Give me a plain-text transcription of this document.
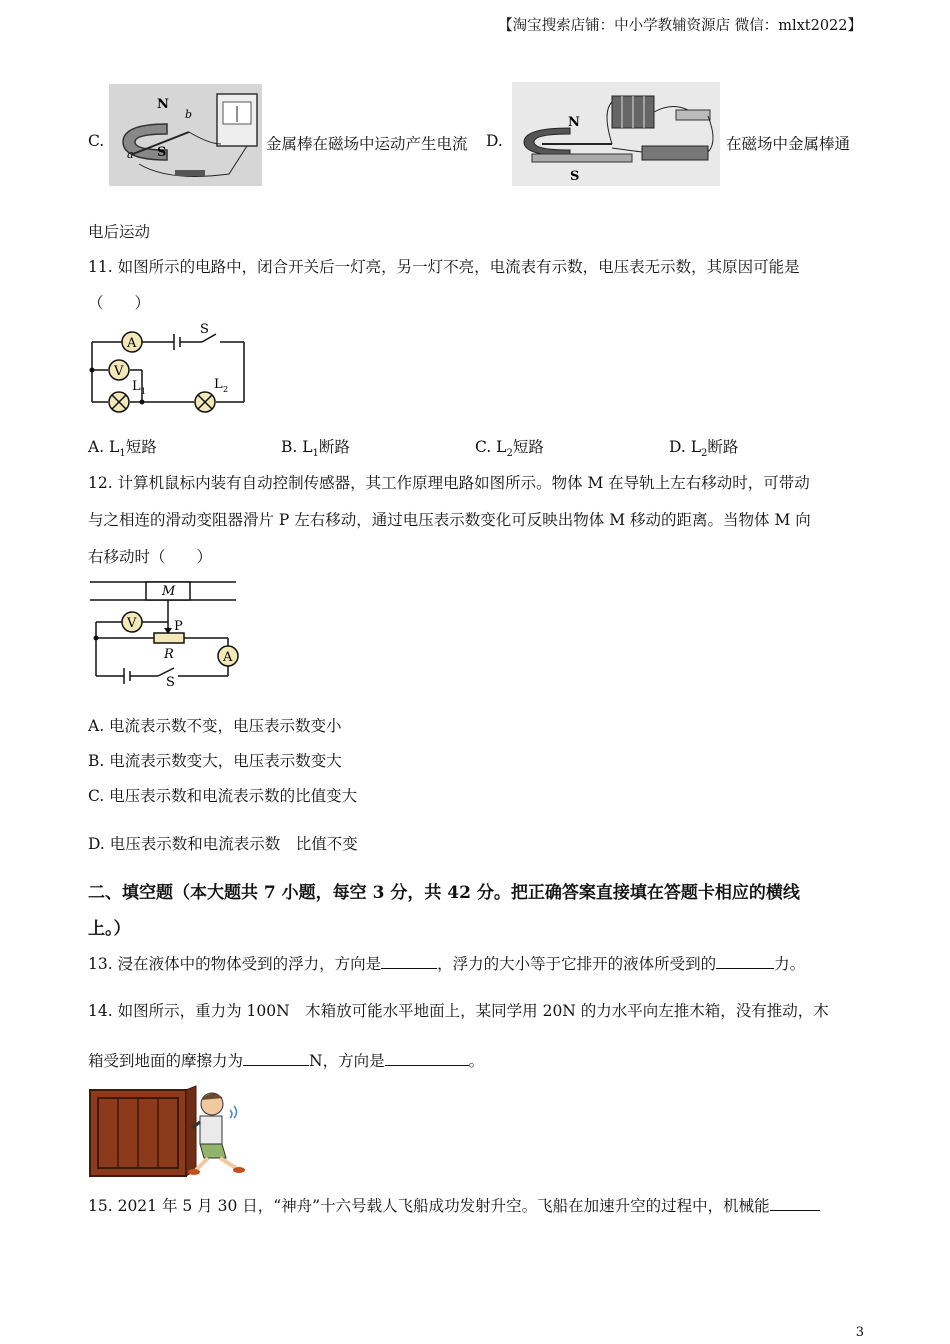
【淘宝搜索店铺：中小学教辅资源店 微信：mlxt2022】
C.
N
b
a S	金属棒在磁场中运动产生电流 D.
N
S
在磁场中金属棒通
电后运动
11. 如图所示的电路中，闭合开关后一灯亮，另一灯不亮，电流表有示数，电压表无示数，其原因可能是
（　　）
A
V
S
L 1	L 2
A. $L_1$短路	B. $L_1$断路	C. $L_2$短路	D. $L_2$断路
12. 计算机鼠标内装有自动控制传感器，其工作原理电路如图所示。物体 M 在导轨上左右移动时，可带动
与之相连的滑动变阻器滑片 P 左右移动，通过电压表示数变化可反映出物体 M 移动的距离。当物体 M 向
右移动时（　　）
M
V	P
R	A
S
A. 电流表示数不变，电压表示数变小
B. 电流表示数变大，电压表示数变大
C. 电压表示数和电流表示数的比值变大
D. 电压表示数和电流表示数　比值不变
二、填空题（本大题共 7 小题，每空 3 分，共 42 分。把正确答案直接填在答题卡相应的横线
上。）
13. 浸在液体中的物体受到的浮力，方向是	，浮力的大小等于它排开的液体所受到的	力。
14. 如图所示，重力为 100N　木箱放可能水平地面上，某同学用 20N 的力水平向左推木箱，没有推动，木
箱受到地面的摩擦力为	N，方向是	。
15. 2021 年 5 月 30 日，“神舟”十六号载人飞船成功发射升空。飞船在加速升空的过程中，机械能
3
